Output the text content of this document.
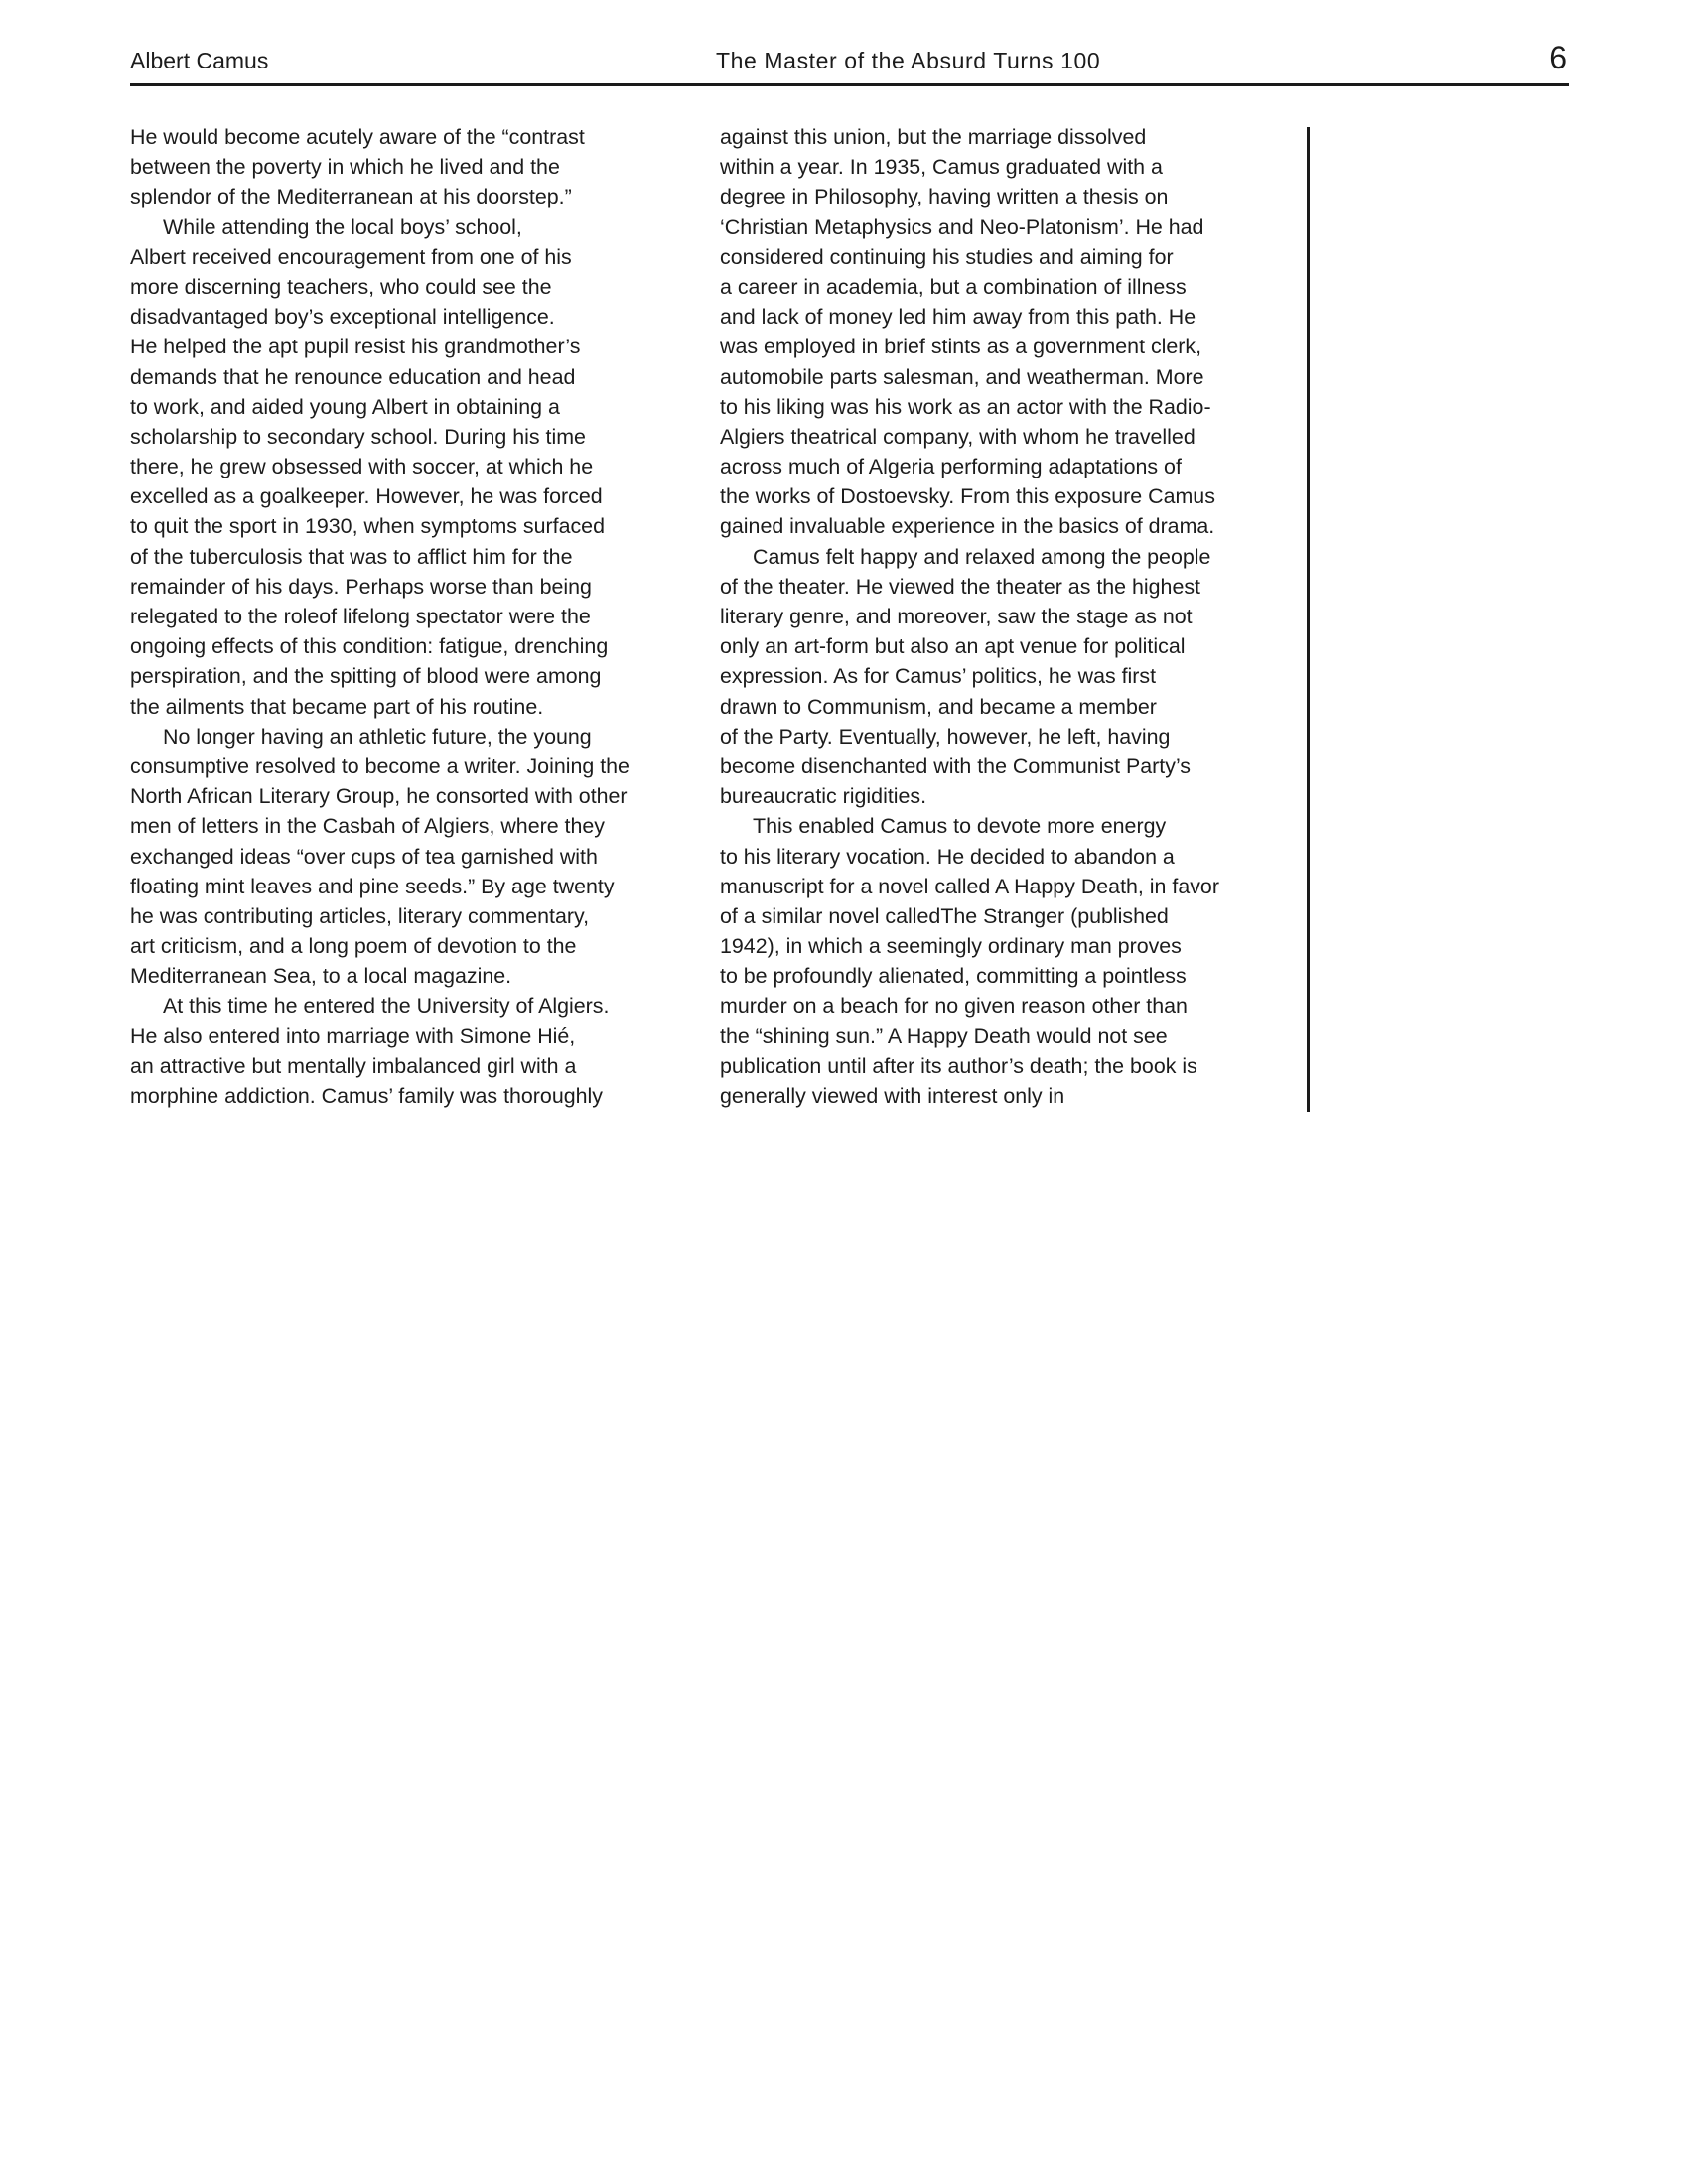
Albert Camus	The Master of the Absurd Turns 100	6
He would become acutely aware of the “contrast
between the poverty in which he lived and the
splendor of the Mediterranean at his doorstep.”
While attending the local boys’ school,
Albert received encouragement from one of his
more discerning teachers, who could see the
disadvantaged boy’s exceptional intelligence.
He helped the apt pupil resist his grandmother’s
demands that he renounce education and head
to work, and aided young Albert in obtaining a
scholarship to secondary school. During his time
there, he grew obsessed with soccer, at which he
excelled as a goalkeeper. However, he was forced
to quit the sport in 1930, when symptoms surfaced
of the tuberculosis that was to afflict him for the
remainder of his days. Perhaps worse than being
relegated to the roleof lifelong spectator were the
ongoing effects of this condition: fatigue, drenching
perspiration, and the spitting of blood were among
the ailments that became part of his routine.
No longer having an athletic future, the young
consumptive resolved to become a writer. Joining the
North African Literary Group, he consorted with other
men of letters in the Casbah of Algiers, where they
exchanged ideas “over cups of tea garnished with
floating mint leaves and pine seeds.” By age twenty
he was contributing articles, literary commentary,
art criticism, and a long poem of devotion to the
Mediterranean Sea, to a local magazine.
At this time he entered the University of Algiers.
He also entered into marriage with Simone Hié,
an attractive but mentally imbalanced girl with a
morphine addiction. Camus’ family was thoroughly
against this union, but the marriage dissolved
within a year. In 1935, Camus graduated with a
degree in Philosophy, having written a thesis on
‘Christian Metaphysics and Neo-Platonism’. He had
considered continuing his studies and aiming for
a career in academia, but a combination of illness
and lack of money led him away from this path. He
was employed in brief stints as a government clerk,
automobile parts salesman, and weatherman. More
to his liking was his work as an actor with the Radio-
Algiers theatrical company, with whom he travelled
across much of Algeria performing adaptations of
the works of Dostoevsky. From this exposure Camus
gained invaluable experience in the basics of drama.
Camus felt happy and relaxed among the people
of the theater. He viewed the theater as the highest
literary genre, and moreover, saw the stage as not
only an art-form but also an apt venue for political
expression. As for Camus’ politics, he was first
drawn to Communism, and became a member
of the Party. Eventually, however, he left, having
become disenchanted with the Communist Party’s
bureaucratic rigidities.
This enabled Camus to devote more energy
to his literary vocation. He decided to abandon a
manuscript for a novel called A Happy Death, in favor
of a similar novel calledThe Stranger (published
1942), in which a seemingly ordinary man proves
to be profoundly alienated, committing a pointless
murder on a beach for no given reason other than
the “shining sun.” A Happy Death would not see
publication until after its author’s death; the book is
generally viewed with interest only in
